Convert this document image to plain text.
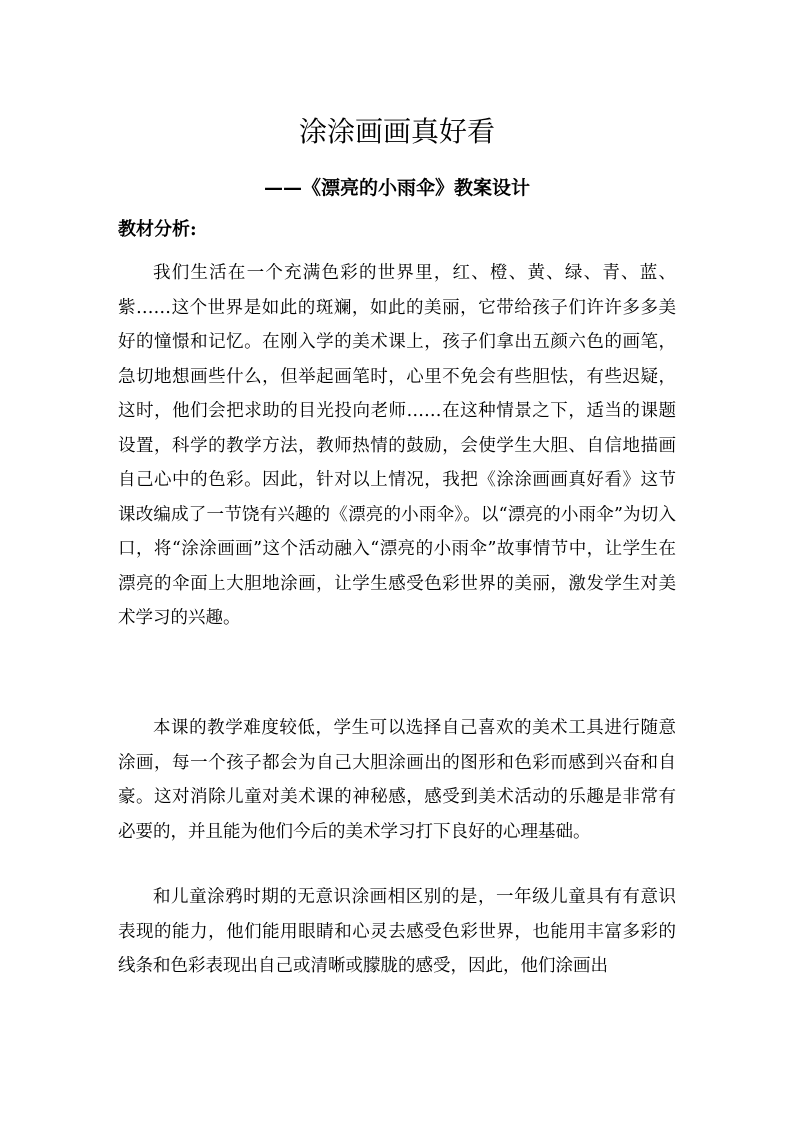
涂涂画画真好看
——《漂亮的小雨伞》教案设计
教材分析:

我们生活在一个充满色彩的世界里，红、橙、黄、绿、青、蓝、紫……这个世界是如此的斑斓，如此的美丽，它带给孩子们许许多多美好的憧憬和记忆。在刚入学的美术课上，孩子们拿出五颜六色的画笔，急切地想画些什么，但举起画笔时，心里不免会有些胆怯，有些迟疑，这时，他们会把求助的目光投向老师……在这种情景之下，适当的课题设置，科学的教学方法，教师热情的鼓励，会使学生大胆、自信地描画自己心中的色彩。因此，针对以上情况，我把《涂涂画画真好看》这节课改编成了一节饶有兴趣的《漂亮的小雨伞》。以“漂亮的小雨伞”为切入口，将“涂涂画画”这个活动融入“漂亮的小雨伞”故事情节中，让学生在漂亮的伞面上大胆地涂画，让学生感受色彩世界的美丽，激发学生对美术学习的兴趣。

本课的教学难度较低，学生可以选择自己喜欢的美术工具进行随意涂画，每一个孩子都会为自己大胆涂画出的图形和色彩而感到兴奋和自豪。这对消除儿童对美术课的神秘感，感受到美术活动的乐趣是非常有必要的，并且能为他们今后的美术学习打下良好的心理基础。

和儿童涂鸦时期的无意识涂画相区别的是，一年级儿童具有有意识表现的能力，他们能用眼睛和心灵去感受色彩世界，也能用丰富多彩的线条和色彩表现出自己或清晰或朦胧的感受，因此，他们涂画出
